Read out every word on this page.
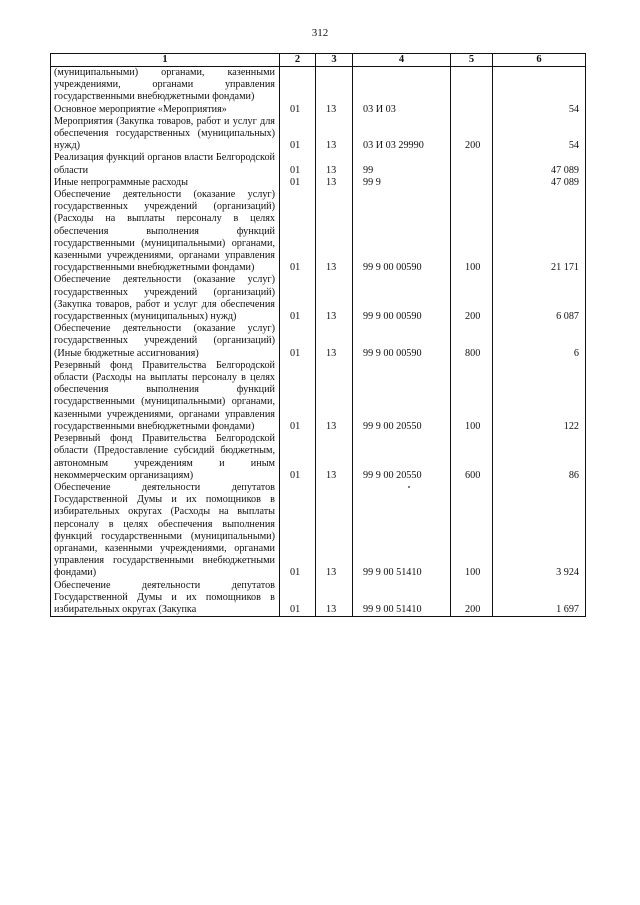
312
1	2	3	4	5	6
(муниципальными) органами, казенными учреждениями, органами управления государственными внебюджетными фондами)					
Основное мероприятие «Мероприятия»	01	13	03 И 03		54
Мероприятия (Закупка товаров, работ и услуг для обеспечения государственных (муниципальных) нужд)	01	13	03 И 03 29990	200	54
Реализация функций органов власти Белгородской области	01	13	99		47 089
Иные непрограммные расходы	01	13	99 9		47 089
Обеспечение деятельности (оказание услуг) государственных учреждений (организаций) (Расходы на выплаты персоналу в целях обеспечения выполнения функций государственными (муниципальными) органами, казенными учреждениями, органами управления государственными внебюджетными фондами)	01	13	99 9 00 00590	100	21 171
Обеспечение деятельности (оказание услуг) государственных учреждений (организаций) (Закупка товаров, работ и услуг для обеспечения государственных (муниципальных) нужд)	01	13	99 9 00 00590	200	6 087
Обеспечение деятельности (оказание услуг) государственных учреждений (организаций) (Иные бюджетные ассигнования)	01	13	99 9 00 00590	800	6
Резервный фонд Правительства Белгородской области (Расходы на выплаты персоналу в целях обеспечения выполнения функций государственными (муниципальными) органами, казенными учреждениями, органами управления государственными внебюджетными фондами)	01	13	99 9 00 20550	100	122
Резервный фонд Правительства Белгородской области (Предоставление субсидий бюджетным, автономным учреждениям и иным некоммерческим организациям)	01	13	99 9 00 20550	600	86
Обеспечение деятельности депутатов Государственной Думы и их помощников в избирательных округах (Расходы на выплаты персоналу в целях обеспечения выполнения функций государственными (муниципальными) органами, казенными учреждениями, органами управления государственными внебюджетными фондами)	01	13	99 9 00 51410	100	3 924
Обеспечение деятельности депутатов Государственной Думы и их помощников в избирательных округах (Закупка	01	13	99 9 00 51410	200	1 697
